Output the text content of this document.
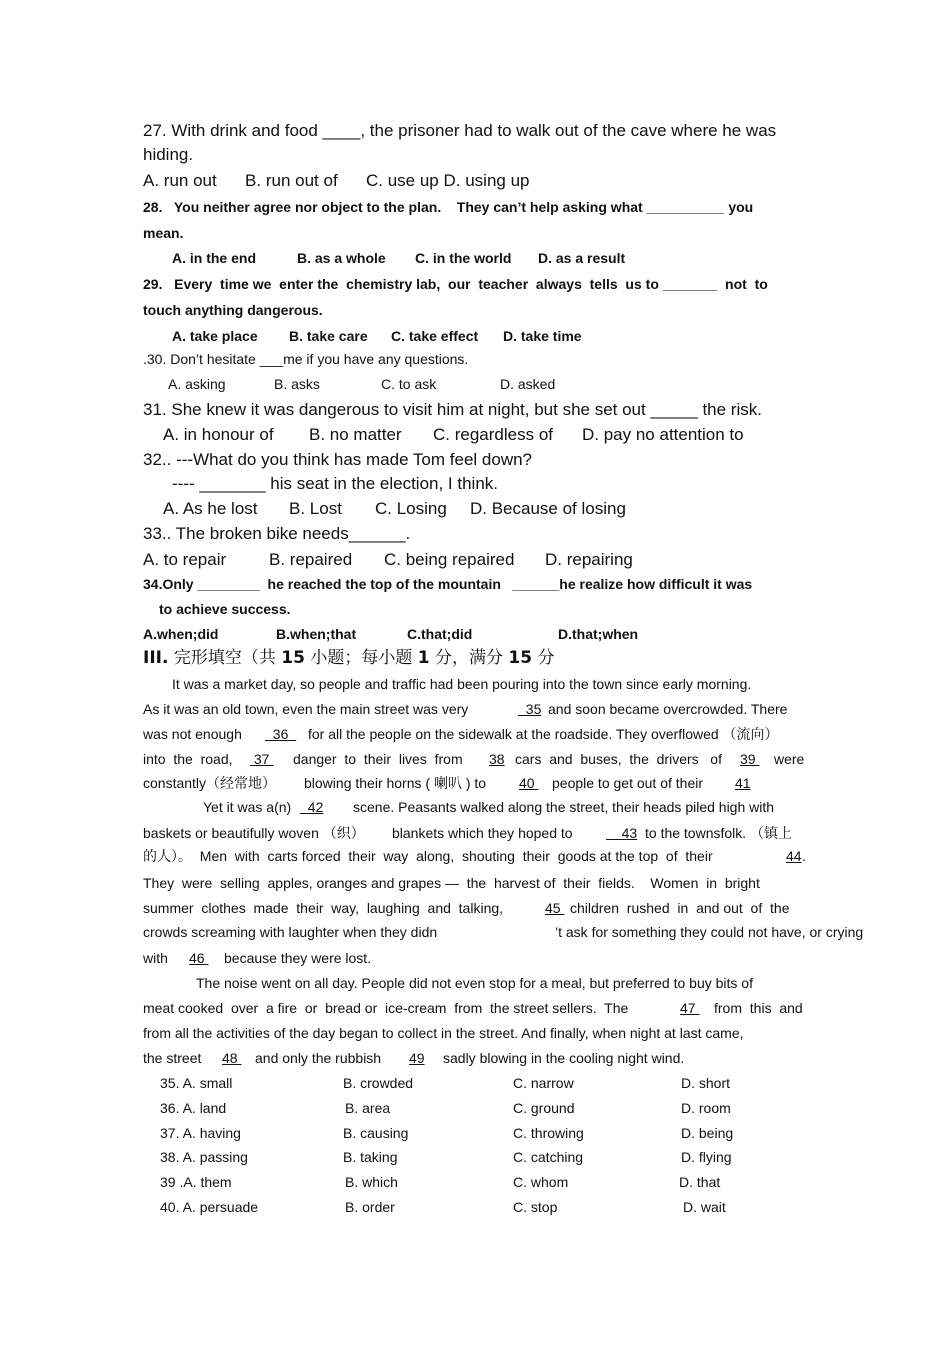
27. With drink and food ____, the prisoner had to walk out of the cave where he was
hiding.
A. run out      B. run out of      C. use up D. using up
28.   You neither agree nor object to the plan.    They can’t help asking what __________ you
mean.
A. in the end	B. as a whole C. in the world D. as a result
29.   Every  time we  enter the  chemistry lab,  our  teacher  always  tells  us to _______  not  to
touch anything dangerous.
A. take place B. take care C. take effect D. take time
.30. Don’t hesitate ___me if you have any questions.
A. asking	B. asks	C. to ask	D. asked
31. She knew it was dangerous to visit him at night, but she set out _____ the risk.
A. in honour of B. no matter C. regardless of D. pay no attention to
32.. ---What do you think has made Tom feel down?
---- _______ his seat in the election, I think.
A. As he lost B. Lost C. Losing D. Because of losing
33.. The broken bike needs______.
A. to repair	B. repaired C. being repaired D. repairing
34.Only ________  he reached the top of the mountain   ______he realize how difficult it was
to achieve success.
A.when;did	B.when;that	C.that;did	D.that;when
III. 完形填空（共 15 小题；每小题 1 分，满分 15 分
It was a market day, so people and traffic had been pouring into the town since early morning.
As it was an old town, even the main street was very	35 and soon became overcrowded. There
was not enough	36	for all the people on the sidewalk at the roadside. They overflowed （流向）
into  the  road, 37 danger  to  their  lives  from 38 cars  and  buses,  the  drivers   of 39 were
constantly（经常地） blowing their horns ( 喇叭 ) to 40 people to get out of their 41
Yet it was a(n)	42 scene. Peasants walked along the street, their heads piled high with
baskets or beautifully woven （织） blankets which they hoped to	43 to the townsfolk. （镇上
的人）。  Men  with  carts forced  their  way  along,  shouting  their  goods at the top  of  their	44 .
They  were  selling  apples, oranges and grapes —  the  harvest of  their  fields.    Women  in  bright
summer  clothes  made  their  way,  laughing  and  talking,	45 children  rushed  in  and out  of  the
crowds screaming with laughter when they didn	’t ask for something they could not have, or crying
with 46 because they were lost.
The noise went on all day. People did not even stop for a meal, but preferred to buy bits of
meat cooked  over  a fire  or  bread or  ice-cream  from  the street sellers.  The	47 from  this  and
from all the activities of the day began to collect in the street. And finally, when night at last came,
the street 48 and only the rubbish 49 sadly blowing in the cooling night wind.
35. A. small	B. crowded	C. narrow	D. short
36. A. land	B. area	C. ground	D. room
37. A. having	B. causing	C. throwing	D. being
38. A. passing	B. taking	C. catching	D. flying
39 .A. them	B. which	C. whom	D. that
40. A. persuade	B. order	C. stop	D. wait
